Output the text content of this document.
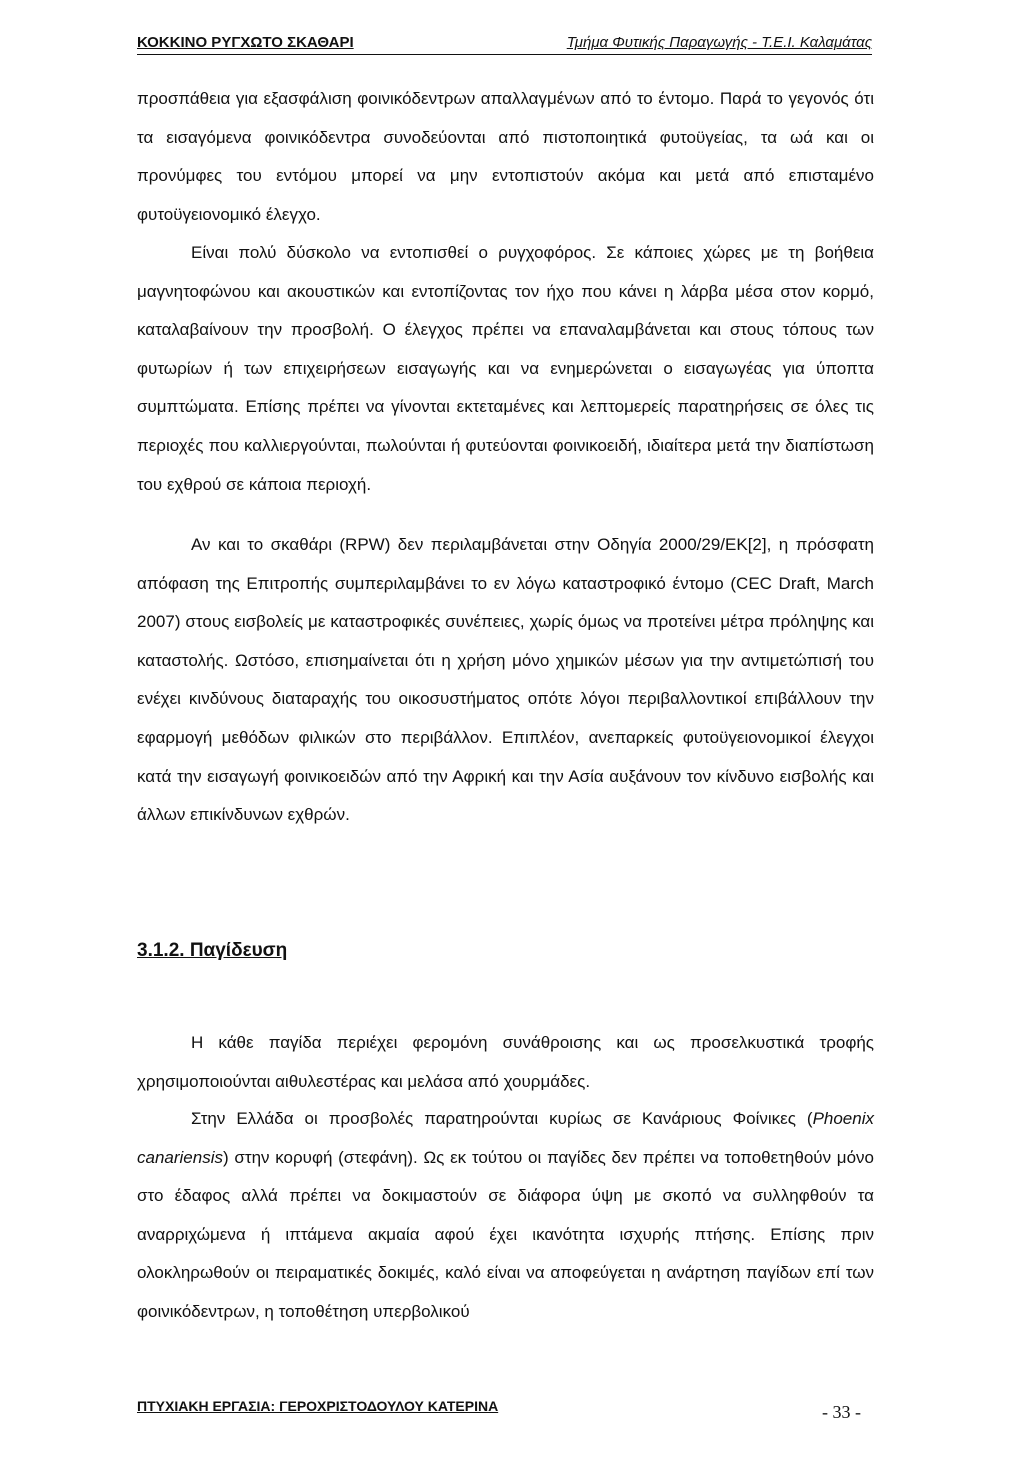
ΚΟΚΚΙΝΟ ΡΥΓΧΩΤΟ ΣΚΑΘΑΡΙ	Τμήμα Φυτικής Παραγωγής - Τ.Ε.Ι. Καλαμάτας

προσπάθεια για εξασφάλιση φοινικόδεντρων απαλλαγμένων από το έντομο. Παρά το γεγονός ότι τα εισαγόμενα φοινικόδεντρα συνοδεύονται από πιστοποιητικά φυτοϋγείας, τα ωά και οι προνύμφες του εντόμου μπορεί να μην εντοπιστούν ακόμα και μετά από επισταμένο φυτοϋγειονομικό έλεγχο.

Είναι πολύ δύσκολο να εντοπισθεί ο ρυγχοφόρος. Σε κάποιες χώρες με τη βοήθεια μαγνητοφώνου και ακουστικών και εντοπίζοντας τον ήχο που κάνει η λάρβα μέσα στον κορμό, καταλαβαίνουν την προσβολή. Ο έλεγχος πρέπει να επαναλαμβάνεται και στους τόπους των φυτωρίων ή των επιχειρήσεων εισαγωγής και να ενημερώνεται ο εισαγωγέας για ύποπτα συμπτώματα. Επίσης πρέπει να γίνονται εκτεταμένες και λεπτομερείς παρατηρήσεις σε όλες τις περιοχές που καλλιεργούνται, πωλούνται ή φυτεύονται φοινικοειδή, ιδιαίτερα μετά την διαπίστωση του εχθρού σε κάποια περιοχή.

Αν και το σκαθάρι (RPW) δεν περιλαμβάνεται στην Οδηγία 2000/29/ΕΚ[2], η πρόσφατη απόφαση της Επιτροπής συμπεριλαμβάνει το εν λόγω καταστροφικό έντομο (CEC Draft, March 2007) στους εισβολείς με καταστροφικές συνέπειες, χωρίς όμως να προτείνει μέτρα πρόληψης και καταστολής. Ωστόσο, επισημαίνεται ότι η χρήση μόνο χημικών μέσων για την αντιμετώπισή του ενέχει κινδύνους διαταραχής του οικοσυστήματος οπότε λόγοι περιβαλλοντικοί επιβάλλουν την εφαρμογή μεθόδων φιλικών στο περιβάλλον. Επιπλέον, ανεπαρκείς φυτοϋγειονομικοί έλεγχοι κατά την εισαγωγή φοινικοειδών από την Αφρική και την Ασία αυξάνουν τον κίνδυνο εισβολής και άλλων επικίνδυνων εχθρών.

3.1.2. Παγίδευση

Η κάθε παγίδα περιέχει φερομόνη συνάθροισης και ως προσελκυστικά τροφής χρησιμοποιούνται αιθυλεστέρας και μελάσα από χουρμάδες.

Στην Ελλάδα οι προσβολές παρατηρούνται κυρίως σε Κανάριους Φοίνικες (Phoenix canariensis) στην κορυφή (στεφάνη). Ως εκ τούτου οι παγίδες δεν πρέπει να τοποθετηθούν μόνο στο έδαφος αλλά πρέπει να δοκιμαστούν σε διάφορα ύψη με σκοπό να συλληφθούν τα αναρριχώμενα ή ιπτάμενα ακμαία αφού έχει ικανότητα ισχυρής πτήσης. Επίσης πριν ολοκληρωθούν οι πειραματικές δοκιμές, καλό είναι να αποφεύγεται η ανάρτηση παγίδων επί των φοινικόδεντρων, η τοποθέτηση υπερβολικού

ΠΤΥΧΙΑΚΗ ΕΡΓΑΣΙΑ: ΓΕΡΟΧΡΙΣΤΟΔΟΥΛΟΥ ΚΑΤΕΡΙΝΑ	- 33 -
